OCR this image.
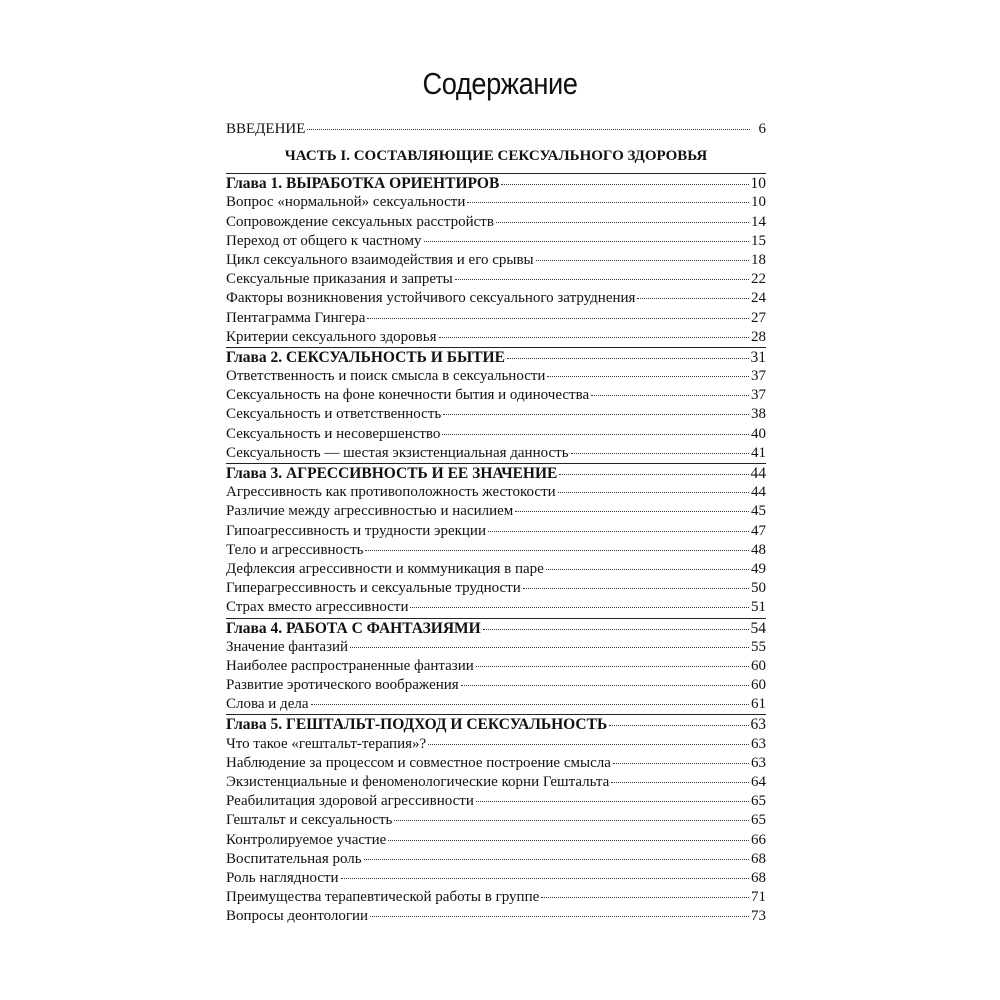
Содержание
ВВЕДЕНИЕ	6
ЧАСТЬ I. СОСТАВЛЯЮЩИЕ СЕКСУАЛЬНОГО ЗДОРОВЬЯ
Глава 1. ВЫРАБОТКА ОРИЕНТИРОВ	10
Вопрос «нормальной» сексуальности	10
Сопровождение сексуальных расстройств	14
Переход от общего к частному	15
Цикл сексуального взаимодействия и его срывы	18
Сексуальные приказания и запреты	22
Факторы возникновения устойчивого сексуального затруднения	24
Пентаграмма Гингера	27
Критерии сексуального здоровья	28
Глава 2. СЕКСУАЛЬНОСТЬ И БЫТИЕ	31
Ответственность и поиск смысла в сексуальности	37
Сексуальность на фоне конечности бытия и одиночества	37
Сексуальность и ответственность	38
Сексуальность и несовершенство	40
Сексуальность — шестая экзистенциальная данность	41
Глава 3. АГРЕССИВНОСТЬ И ЕЕ ЗНАЧЕНИЕ	44
Агрессивность как противоположность жестокости	44
Различие между агрессивностью и насилием	45
Гипоагрессивность и трудности эрекции	47
Тело и агрессивность	48
Дефлексия агрессивности и коммуникация в паре	49
Гиперагрессивность и сексуальные трудности	50
Страх вместо агрессивности	51
Глава 4. РАБОТА С ФАНТАЗИЯМИ	54
Значение фантазий	55
Наиболее распространенные фантазии	60
Развитие эротического воображения	60
Слова и дела	61
Глава 5. ГЕШТАЛЬТ-ПОДХОД И СЕКСУАЛЬНОСТЬ	63
Что такое «гештальт-терапия»?	63
Наблюдение за процессом и совместное построение смысла	63
Экзистенциальные и феноменологические корни Гештальта	64
Реабилитация здоровой агрессивности	65
Гештальт и сексуальность	65
Контролируемое участие	66
Воспитательная роль	68
Роль наглядности	68
Преимущества терапевтической работы в группе	71
Вопросы деонтологии	73
